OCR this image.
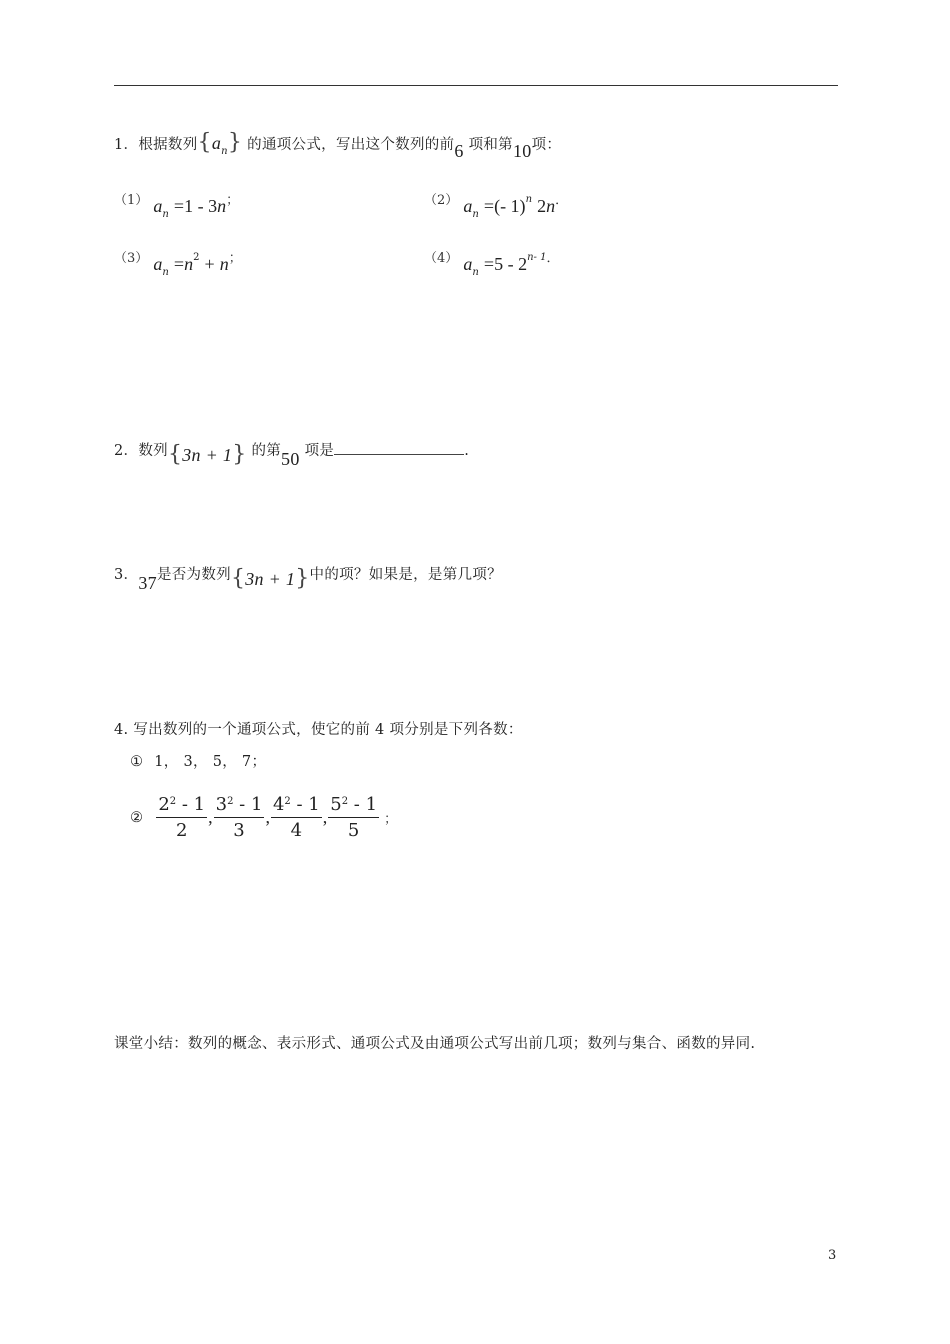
1．根据数列$\{a_n\}$ 的通项公式，写出这个数列的前6 项和第10项：
（1） $a_n =1 - 3n$；	（2） $a_n$ =(- 1)n 2n．
（3） $a_n =n2 + n$；	（4） $a_n =5 - 2n-$ 1．
2．数列{3n + 1} 的第50 项是	.
3．37是否为数列{3n + 1}中的项？如果是，是第几项？
4. 写出数列的一个通项公式，使它的前 4 项分别是下列各数：
① 1， 3， 5， 7；
② $\frac{2^2 - 1}{2}$ , $\frac{3^2 - 1}{3}$ , $\frac{4^2 - 1}{4}$ , $\frac{5^2 - 1}{5}$ ；
课堂小结：数列的概念、表示形式、通项公式及由通项公式写出前几项；数列与集合、函数的异同.
3
